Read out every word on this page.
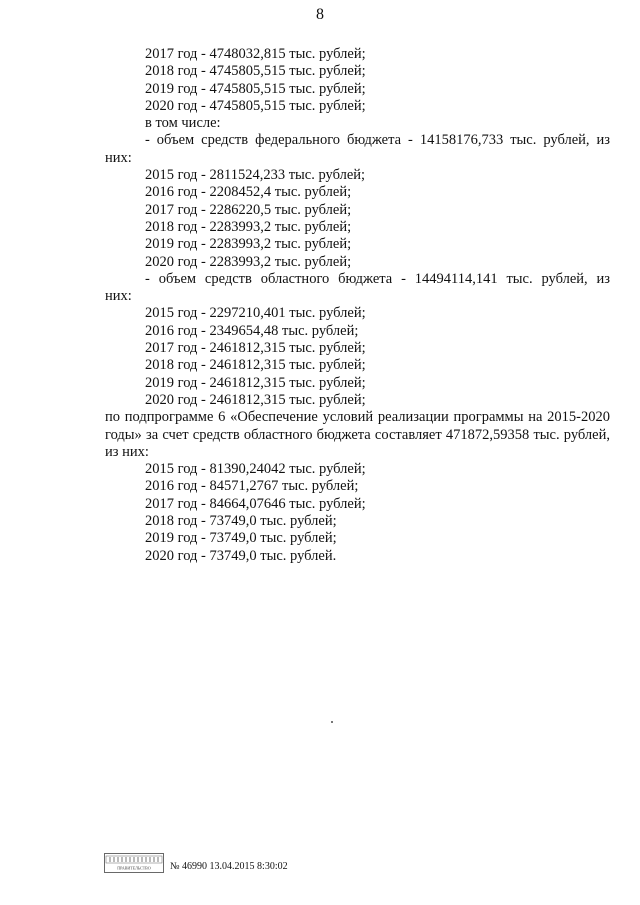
8
2017 год - 4748032,815 тыс. рублей;
2018 год - 4745805,515 тыс. рублей;
2019 год - 4745805,515 тыс. рублей;
2020 год - 4745805,515 тыс. рублей;
в том числе:
- объем средств федерального бюджета - 14158176,733 тыс. рублей, из
них:
2015 год - 2811524,233 тыс. рублей;
2016 год - 2208452,4 тыс. рублей;
2017 год - 2286220,5 тыс. рублей;
2018 год - 2283993,2 тыс. рублей;
2019 год - 2283993,2 тыс. рублей;
2020 год - 2283993,2 тыс. рублей;
- объем средств областного бюджета - 14494114,141 тыс. рублей, из
них:
2015 год - 2297210,401 тыс. рублей;
2016 год - 2349654,48 тыс. рублей;
2017 год - 2461812,315 тыс. рублей;
2018 год - 2461812,315 тыс. рублей;
2019 год - 2461812,315 тыс. рублей;
2020 год - 2461812,315 тыс. рублей;
по подпрограмме 6 «Обеспечение условий реализации программы на 2015-2020 годы» за счет средств областного бюджета составляет 471872,59358 тыс. рублей, из них:
2015 год - 81390,24042 тыс. рублей;
2016 год - 84571,2767 тыс. рублей;
2017 год - 84664,07646 тыс. рублей;
2018 год - 73749,0 тыс. рублей;
2019 год - 73749,0 тыс. рублей;
2020 год - 73749,0 тыс. рублей.
ПРАВИТЕЛЬСТВО № 46990 13.04.2015 8:30:02
